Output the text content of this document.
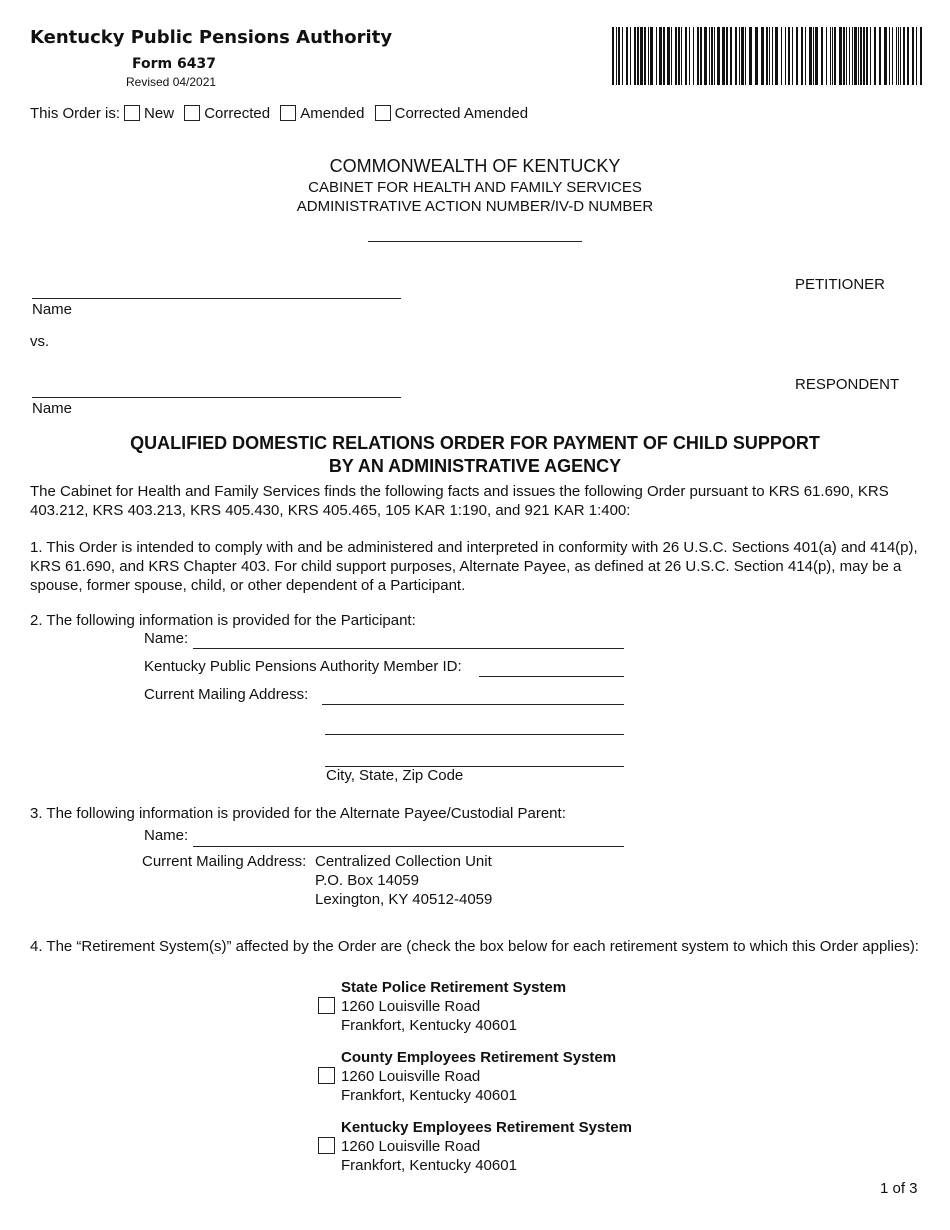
Kentucky Public Pensions Authority
Form 6437
Revised 04/2021
This Order is: New Corrected Amended Corrected Amended
COMMONWEALTH OF KENTUCKY
CABINET FOR HEALTH AND FAMILY SERVICES
ADMINISTRATIVE ACTION NUMBER/IV-D NUMBER
PETITIONER
Name
vs.
RESPONDENT
Name
QUALIFIED DOMESTIC RELATIONS ORDER FOR PAYMENT OF CHILD SUPPORT
BY AN ADMINISTRATIVE AGENCY
The Cabinet for Health and Family Services finds the following facts and issues the following Order pursuant to KRS 61.690, KRS 403.212, KRS 403.213, KRS 405.430, KRS 405.465, 105 KAR 1:190, and 921 KAR 1:400:
1. This Order is intended to comply with and be administered and interpreted in conformity with 26 U.S.C. Sections 401(a) and 414(p), KRS 61.690, and KRS Chapter 403. For child support purposes, Alternate Payee, as defined at 26 U.S.C. Section 414(p), may be a spouse, former spouse, child, or other dependent of a Participant.
2. The following information is provided for the Participant:
Name:
Kentucky Public Pensions Authority Member ID:
Current Mailing Address:
City, State, Zip Code
3. The following information is provided for the Alternate Payee/Custodial Parent:
Name:
Current Mailing Address: Centralized Collection Unit
P.O. Box 14059
Lexington, KY 40512-4059
4. The “Retirement System(s)” affected by the Order are (check the box below for each retirement system to which this Order applies):
State Police Retirement System
1260 Louisville Road
Frankfort, Kentucky 40601
County Employees Retirement System
1260 Louisville Road
Frankfort, Kentucky 40601
Kentucky Employees Retirement System
1260 Louisville Road
Frankfort, Kentucky 40601
1 of 3
